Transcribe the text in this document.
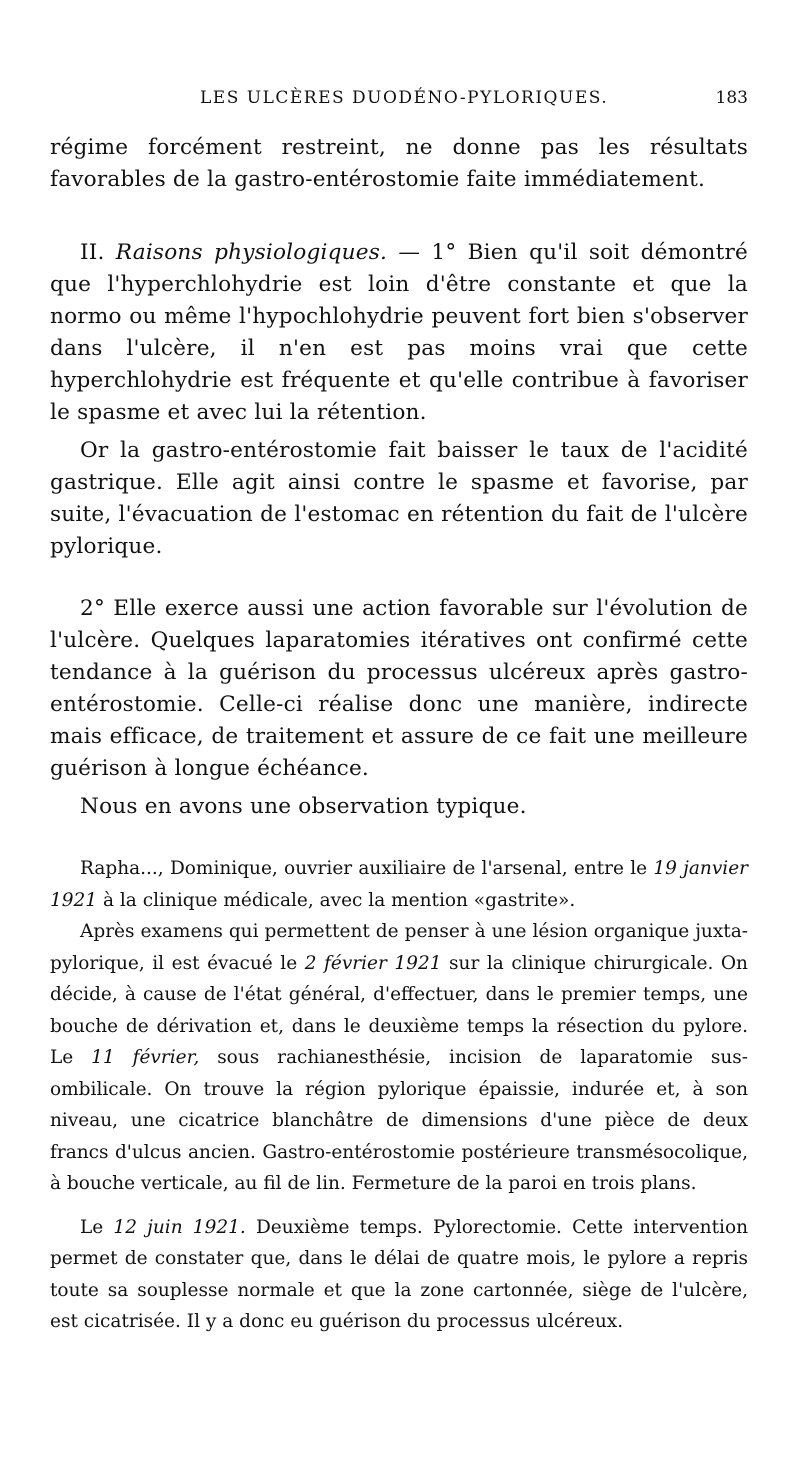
LES ULCÈRES DUODÉNO-PYLORIQUES.	183

régime forcément restreint, ne donne pas les résultats favorables de la gastro-entérostomie faite immédiatement.

II. Raisons physiologiques. — 1° Bien qu'il soit démontré que l'hyperchlohydrie est loin d'être constante et que la normo ou même l'hypochlohydrie peuvent fort bien s'observer dans l'ulcère, il n'en est pas moins vrai que cette hyperchlohydrie est fréquente et qu'elle contribue à favoriser le spasme et avec lui la rétention.

Or la gastro-entérostomie fait baisser le taux de l'acidité gastrique. Elle agit ainsi contre le spasme et favorise, par suite, l'évacuation de l'estomac en rétention du fait de l'ulcère pylorique.

2° Elle exerce aussi une action favorable sur l'évolution de l'ulcère. Quelques laparatomies itératives ont confirmé cette tendance à la guérison du processus ulcéreux après gastro-entérostomie. Celle-ci réalise donc une manière, indirecte mais efficace, de traitement et assure de ce fait une meilleure guérison à longue échéance.

Nous en avons une observation typique.

Rapha..., Dominique, ouvrier auxiliaire de l'arsenal, entre le 19 janvier 1921 à la clinique médicale, avec la mention «gastrite».

Après examens qui permettent de penser à une lésion organique juxta-pylorique, il est évacué le 2 février 1921 sur la clinique chirurgicale. On décide, à cause de l'état général, d'effectuer, dans le premier temps, une bouche de dérivation et, dans le deuxième temps la résection du pylore. Le 11 février, sous rachianesthésie, incision de laparatomie sus-ombilicale. On trouve la région pylorique épaissie, indurée et, à son niveau, une cicatrice blanchâtre de dimensions d'une pièce de deux francs d'ulcus ancien. Gastro-entérostomie postérieure transmésocolique, à bouche verticale, au fil de lin. Fermeture de la paroi en trois plans.

Le 12 juin 1921. Deuxième temps. Pylorectomie. Cette intervention permet de constater que, dans le délai de quatre mois, le pylore a repris toute sa souplesse normale et que la zone cartonnée, siège de l'ulcère, est cicatrisée. Il y a donc eu guérison du processus ulcéreux.
